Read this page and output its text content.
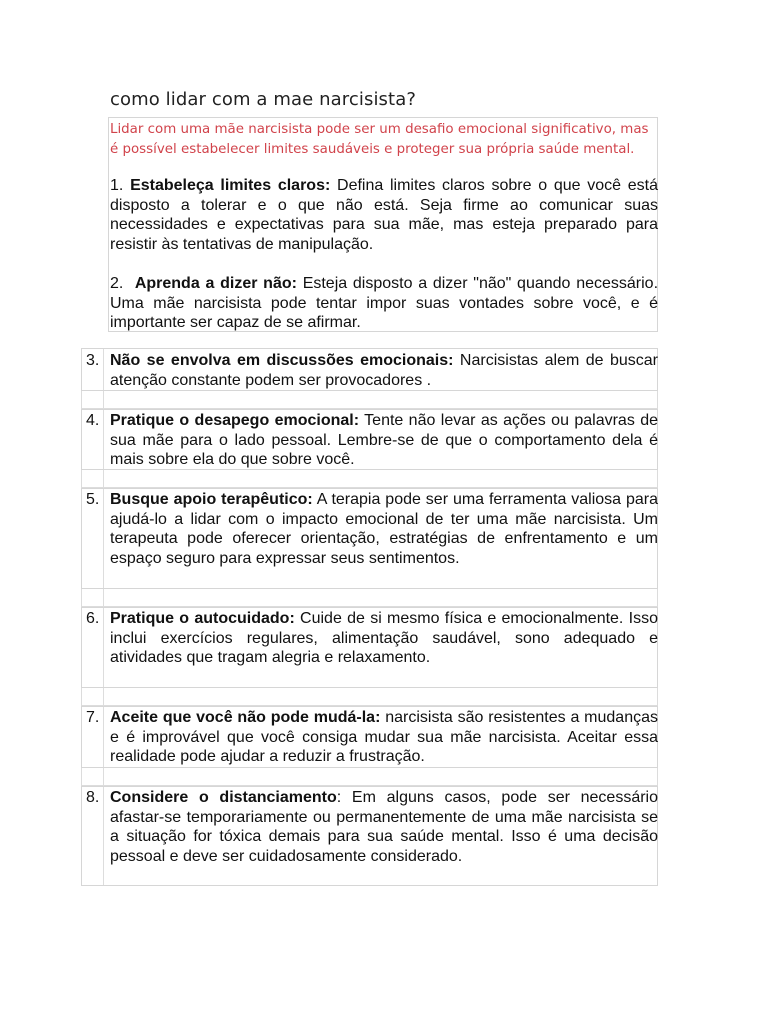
como lidar com a mae narcisista?

Lidar com uma mãe narcisista pode ser um desafio emocional significativo, mas é possível estabelecer limites saudáveis e proteger sua própria saúde mental.

1. Estabeleça limites claros: Defina limites claros sobre o que você está disposto a tolerar e o que não está. Seja firme ao comunicar suas necessidades e expectativas para sua mãe, mas esteja preparado para resistir às tentativas de manipulação.

2. Aprenda a dizer não: Esteja disposto a dizer "não" quando necessário. Uma mãe narcisista pode tentar impor suas vontades sobre você, e é importante ser capaz de se afirmar.

3. Não se envolva em discussões emocionais: Narcisistas alem de buscar atenção constante podem ser provocadores .

4. Pratique o desapego emocional: Tente não levar as ações ou palavras de sua mãe para o lado pessoal. Lembre-se de que o comportamento dela é mais sobre ela do que sobre você.

5. Busque apoio terapêutico: A terapia pode ser uma ferramenta valiosa para ajudá-lo a lidar com o impacto emocional de ter uma mãe narcisista. Um terapeuta pode oferecer orientação, estratégias de enfrentamento e um espaço seguro para expressar seus sentimentos.

6. Pratique o autocuidado: Cuide de si mesmo física e emocionalmente. Isso inclui exercícios regulares, alimentação saudável, sono adequado e atividades que tragam alegria e relaxamento.

7. Aceite que você não pode mudá-la: narcisista são resistentes a mudanças e é improvável que você consiga mudar sua mãe narcisista. Aceitar essa realidade pode ajudar a reduzir a frustração.

8. Considere o distanciamento: Em alguns casos, pode ser necessário afastar-se temporariamente ou permanentemente de uma mãe narcisista se a situação for tóxica demais para sua saúde mental. Isso é uma decisão pessoal e deve ser cuidadosamente considerado.
